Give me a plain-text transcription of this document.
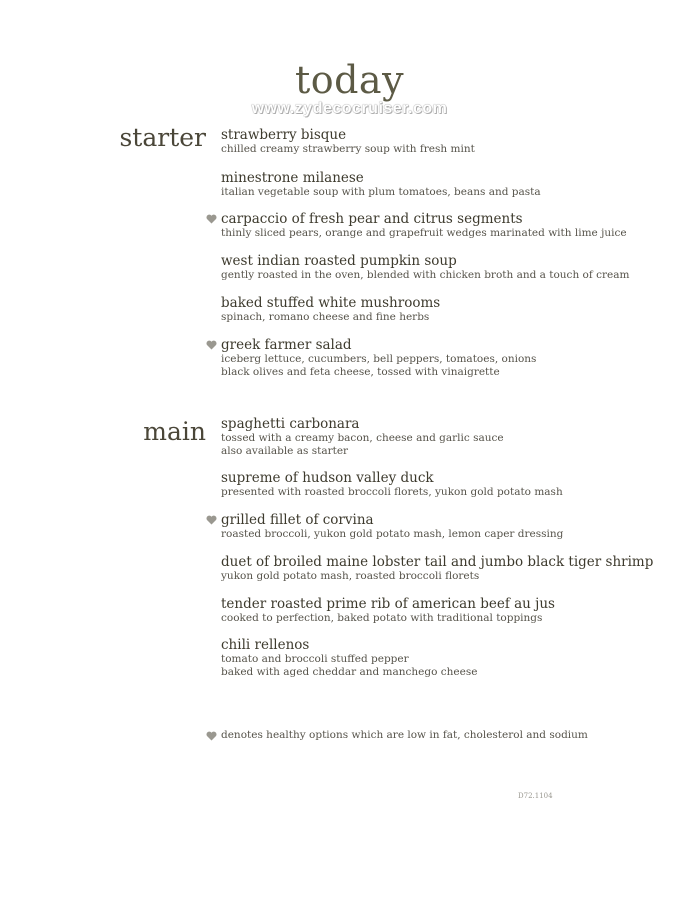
today
www.zydecocruiser.com
starter strawberry bisque
chilled creamy strawberry soup with fresh mint
minestrone milanese
italian vegetable soup with plum tomatoes, beans and pasta
carpaccio of fresh pear and citrus segments
thinly sliced pears, orange and grapefruit wedges marinated with lime juice
west indian roasted pumpkin soup
gently roasted in the oven, blended with chicken broth and a touch of cream
baked stuffed white mushrooms
spinach, romano cheese and fine herbs
greek farmer salad
iceberg lettuce, cucumbers, bell peppers, tomatoes, onions
black olives and feta cheese, tossed with vinaigrette
main spaghetti carbonara
tossed with a creamy bacon, cheese and garlic sauce
also available as starter
supreme of hudson valley duck
presented with roasted broccoli florets, yukon gold potato mash
grilled fillet of corvina
roasted broccoli, yukon gold potato mash, lemon caper dressing
duet of broiled maine lobster tail and jumbo black tiger shrimp
yukon gold potato mash, roasted broccoli florets
tender roasted prime rib of american beef au jus
cooked to perfection, baked potato with traditional toppings
chili rellenos
tomato and broccoli stuffed pepper
baked with aged cheddar and manchego cheese
denotes healthy options which are low in fat, cholesterol and sodium
D72.1104
